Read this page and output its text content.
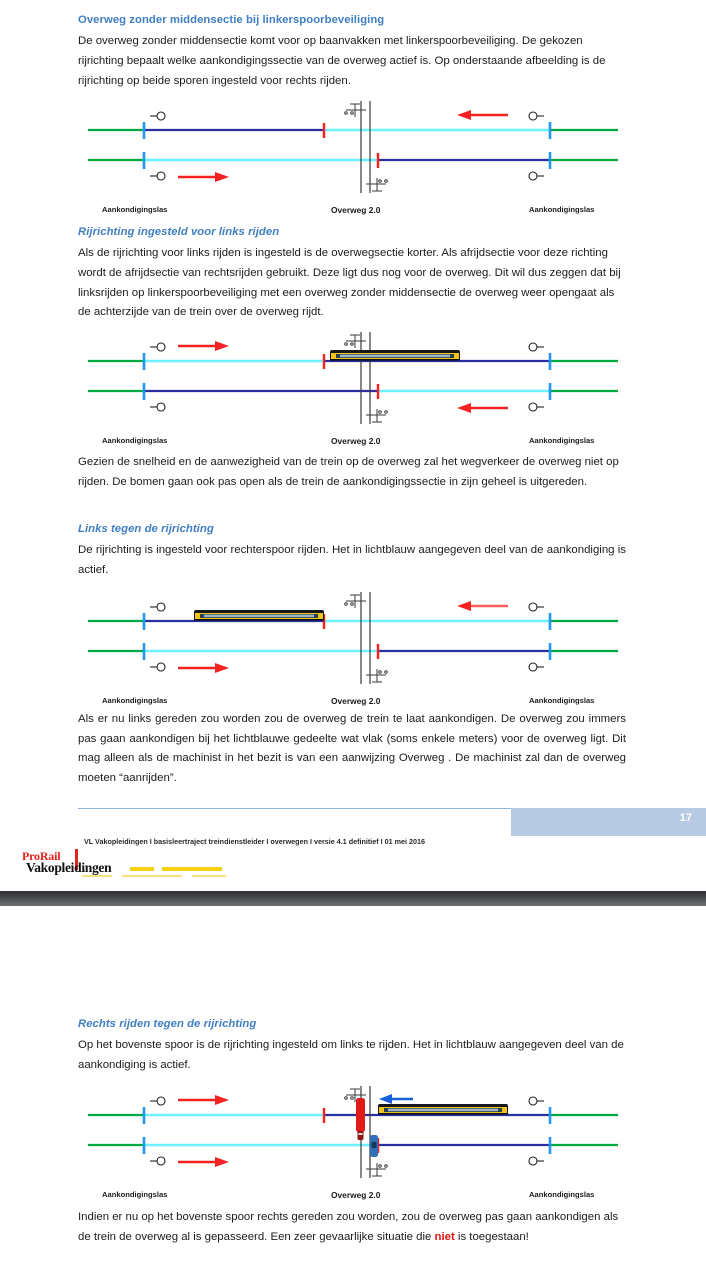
Overweg zonder middensectie bij linkerspoorbeveiliging

De overweg zonder middensectie komt voor op baanvakken met linkerspoorbeveiliging. De gekozen rijrichting bepaalt welke aankondigingssectie van de overweg actief is. Op onderstaande afbeelding is de rijrichting op beide sporen ingesteld voor rechts rijden.

Aankondigingslas	Overweg 2.0	Aankondigingslas
Rijrichting ingesteld voor links rijden

Als de rijrichting voor links rijden is ingesteld is de overwegsectie korter. Als afrijdsectie voor deze richting wordt de afrijdsectie van rechtsrijden gebruikt. Deze ligt dus nog voor de overweg. Dit wil dus zeggen dat bij linksrijden op linkerspoorbeveiliging met een overweg zonder middensectie de overweg weer opengaat als de achterzijde van de trein over de overweg rijdt.

Aankondigingslas	Overweg 2.0	Aankondigingslas

Gezien de snelheid en de aanwezigheid van de trein op de overweg zal het wegverkeer de overweg niet op rijden. De bomen gaan ook pas open als de trein de aankondigingssectie in zijn geheel is uitgereden.

Links tegen de rijrichting

De rijrichting is ingesteld voor rechterspoor rijden. Het in lichtblauw aangegeven deel van de aankondiging is actief.

Aankondigingslas	Overweg 2.0	Aankondigingslas

Als er nu links gereden zou worden zou de overweg de trein te laat aankondigen. De overweg zou immers pas gaan aankondigen bij het lichtblauwe gedeelte wat vlak (soms enkele meters) voor de overweg ligt. Dit mag alleen als de machinist in het bezit is van een aanwijzing Overweg . De machinist zal dan de overweg moeten “aanrijden”.

17
VL Vakopleidingen I basisleertraject treindienstleider I overwegen I versie 4.1 definitief I 01 mei 2016
ProRail
Vakopleidingen
Rechts rijden tegen de rijrichting

Op het bovenste spoor is de rijrichting ingesteld om links te rijden. Het in lichtblauw aangegeven deel van de aankondiging is actief.

Aankondigingslas	Overweg 2.0	Aankondigingslas

Indien er nu op het bovenste spoor rechts gereden zou worden, zou de overweg pas gaan aankondigen als de trein de overweg al is gepasseerd. Een zeer gevaarlijke situatie die niet is toegestaan!
